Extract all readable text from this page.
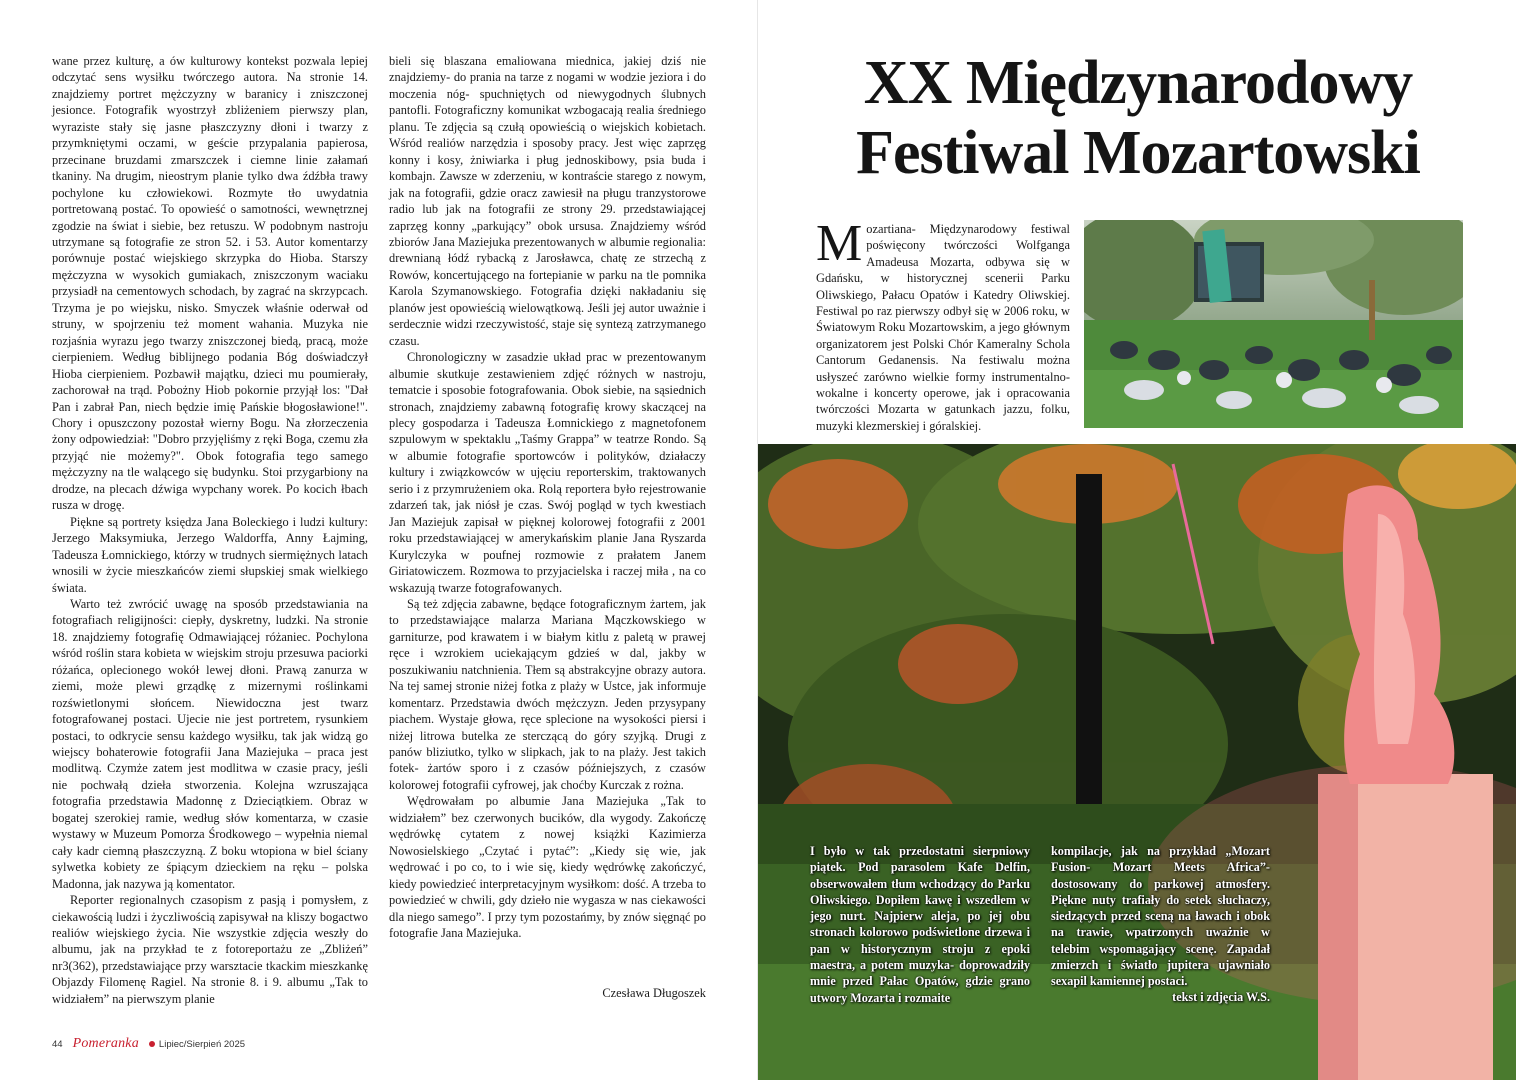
wane przez kulturę, a ów kulturowy kontekst pozwala lepiej odczytać sens wysiłku twórczego autora. Na stronie 14. znajdziemy portret mężczyzny w baranicy i zniszczonej jesionce. Fotografik wyostrzył zbliżeniem pierwszy plan, wyraziste stały się jasne płaszczyzny dłoni i twarzy z przymkniętymi oczami, w geście przypalania papierosa, przecinane bruzdami zmarszczek i ciemne linie załamań tkaniny. Na drugim, nieostrym planie tylko dwa źdźbła trawy pochylone ku człowiekowi. Rozmyte tło uwydatnia portretowaną postać. To opowieść o samotności, wewnętrznej zgodzie na świat i siebie, bez retuszu. W podobnym nastroju utrzymane są fotografie ze stron 52. i 53. Autor komentarzy porównuje postać wiejskiego skrzypka do Hioba. Starszy mężczyzna w wysokich gumiakach, zniszczonym waciaku przysiadł na cementowych schodach, by zagrać na skrzypcach. Trzyma je po wiejsku, nisko. Smyczek właśnie oderwał od struny, w spojrzeniu też moment wahania. Muzyka nie rozjaśnia wyrazu jego twarzy zniszczonej biedą, pracą, może cierpieniem. Według biblijnego podania Bóg doświadczył Hioba cierpieniem. Pozbawił majątku, dzieci mu poumierały, zachorował na trąd. Pobożny Hiob pokornie przyjął los: "Dał Pan i zabrał Pan, niech będzie imię Pańskie błogosławione!". Chory i opuszczony pozostał wierny Bogu. Na złorzeczenia żony odpowiedział: "Dobro przyjęliśmy z ręki Boga, czemu zła przyjąć nie możemy?". Obok fotografia tego samego mężczyzny na tle walącego się budynku. Stoi przygarbiony na drodze, na plecach dźwiga wypchany worek. Po kocich łbach rusza w drogę.

Piękne są portrety księdza Jana Boleckiego i ludzi kultury: Jerzego Maksymiuka, Jerzego Waldorffa, Anny Łajming, Tadeusza Łomnickiego, którzy w trudnych siermiężnych latach wnosili w życie mieszkańców ziemi słupskiej smak wielkiego świata.

Warto też zwrócić uwagę na sposób przedstawiania na fotografiach religijności: ciepły, dyskretny, ludzki. Na stronie 18. znajdziemy fotografię Odmawiającej różaniec. Pochylona wśród roślin stara kobieta w wiejskim stroju przesuwa paciorki różańca, oplecionego wokół lewej dłoni. Prawą zanurza w ziemi, może plewi grządkę z mizernymi roślinkami rozświetlonymi słońcem. Niewidoczna jest twarz fotografowanej postaci. Ujecie nie jest portretem, rysunkiem postaci, to odkrycie sensu każdego wysiłku, tak jak widzą go wiejscy bohaterowie fotografii Jana Maziejuka – praca jest modlitwą. Czymże zatem jest modlitwa w czasie pracy, jeśli nie pochwałą dzieła stworzenia. Kolejna wzruszająca fotografia przedstawia Madonnę z Dzieciątkiem. Obraz w bogatej szerokiej ramie, według słów komentarza, w czasie wystawy w Muzeum Pomorza Środkowego – wypełnia niemal cały kadr ciemną płaszczyzną. Z boku wtopiona w biel ściany sylwetka kobiety ze śpiącym dzieckiem na ręku – polska Madonna, jak nazywa ją komentator.

Reporter regionalnych czasopism z pasją i pomysłem, z ciekawością ludzi i życzliwością zapisywał na kliszy bogactwo realiów wiejskiego życia. Nie wszystkie zdjęcia weszły do albumu, jak na przykład te z fotoreportażu ze „Zbliżeń” nr3(362), przedstawiające przy warsztacie tkackim mieszkankę Objazdy Filomenę Ragiel. Na stronie 8. i 9. albumu „Tak to widziałem” na pierwszym planie

bieli się blaszana emaliowana miednica, jakiej dziś nie znajdziemy- do prania na tarze z nogami w wodzie jeziora i do moczenia nóg- spuchniętych od niewygodnych ślubnych pantofli. Fotograficzny komunikat wzbogacają realia średniego planu. Te zdjęcia są czułą opowieścią o wiejskich kobietach. Wśród realiów narzędzia i sposoby pracy. Jest więc zaprzęg konny i kosy, żniwiarka i pług jednoskibowy, psia buda i kombajn. Zawsze w zderzeniu, w kontraście starego z nowym, jak na fotografii, gdzie oracz zawiesił na pługu tranzystorowe radio lub jak na fotografii ze strony 29. przedstawiającej zaprzęg konny „parkujący” obok ursusa. Znajdziemy wśród zbiorów Jana Maziejuka prezentowanych w albumie regionalia: drewnianą łódź rybacką z Jarosławca, chatę ze strzechą z Rowów, koncertującego na fortepianie w parku na tle pomnika Karola Szymanowskiego. Fotografia dzięki nakładaniu się planów jest opowieścią wielowątkową. Jeśli jej autor uważnie i serdecznie widzi rzeczywistość, staje się syntezą zatrzymanego czasu.

Chronologiczny w zasadzie układ prac w prezentowanym albumie skutkuje zestawieniem zdjęć różnych w nastroju, tematcie i sposobie fotografowania. Obok siebie, na sąsiednich stronach, znajdziemy zabawną fotografię krowy skaczącej na plecy gospodarza i Tadeusza Łomnickiego z magnetofonem szpulowym w spektaklu „Taśmy Grappa” w teatrze Rondo. Są w albumie fotografie sportowców i polityków, działaczy kultury i związkowców w ujęciu reporterskim, traktowanych serio i z przymrużeniem oka. Rolą reportera było rejestrowanie zdarzeń tak, jak niósł je czas. Swój pogląd w tych kwestiach Jan Maziejuk zapisał w pięknej kolorowej fotografii z 2001 roku przedstawiającej w amerykańskim planie Jana Ryszarda Kurylczyka w poufnej rozmowie z prałatem Janem Giriatowiczem. Rozmowa to przyjacielska i raczej miła , na co wskazują twarze fotografowanych.

Są też zdjęcia zabawne, będące fotograficznym żartem, jak to przedstawiające malarza Mariana Mączkowskiego w garniturze, pod krawatem i w białym kitlu z paletą w prawej ręce i wzrokiem uciekającym gdzieś w dal, jakby w poszukiwaniu natchnienia. Tłem są abstrakcyjne obrazy autora. Na tej samej stronie niżej fotka z plaży w Ustce, jak informuje komentarz. Przedstawia dwóch mężczyzn. Jeden przysypany piachem. Wystaje głowa, ręce splecione na wysokości piersi i niżej litrowa butelka ze sterczącą do góry szyjką. Drugi z panów bliziutko, tylko w slipkach, jak to na plaży. Jest takich fotek- żartów sporo i z czasów późniejszych, z czasów kolorowej fotografii cyfrowej, jak choćby Kurczak z rożna.

Wędrowałam po albumie Jana Maziejuka „Tak to widziałem” bez czerwonych bucików, dla wygody. Zakończę wędrówkę cytatem z nowej książki Kazimierza Nowosielskiego „Czytać i pytać”: „Kiedy się wie, jak wędrować i po co, to i wie się, kiedy wędrówkę zakończyć, kiedy powiedzieć interpretacyjnym wysiłkom: dość. A trzeba to powiedzieć w chwili, gdy dzieło nie wygasza w nas ciekawości dla niego samego”. I przy tym pozostańmy, by znów sięgnąć po fotografie Jana Maziejuka.

Czesława Długoszek
44 Pomeranka Lipiec/Sierpień 2025
XX Międzynarodowy
Festiwal Mozartowski
Mozartiana- Międzynarodowy festiwal poświęcony twórczości Wolfganga Amadeusa Mozarta, odbywa się w Gdańsku, w historycznej scenerii Parku Oliwskiego, Pałacu Opatów i Katedry Oliwskiej. Festiwal po raz pierwszy odbył się w 2006 roku, w Światowym Roku Mozartowskim, a jego głównym organizatorem jest Polski Chór Kameralny Schola Cantorum Gedanensis. Na festiwalu można usłyszeć zarówno wielkie formy instrumentalno- wokalne i koncerty operowe, jak i opracowania twórczości Mozarta w gatunkach jazzu, folku, muzyki klezmerskiej i góralskiej.
I było w tak przedostatni sierpniowy piątek. Pod parasolem Kafe Delfin, obserwowałem tłum wchodzący do Parku Oliwskiego. Dopiłem kawę i wszedłem w jego nurt. Najpierw aleja, po jej obu stronach kolorowo podświetlone drzewa i pan w historycznym stroju z epoki maestra, a potem muzyka- doprowadziły mnie przed Pałac Opatów, gdzie grano utwory Mozarta i rozmaite
kompilacje, jak na przykład „Mozart Fusion- Mozart Meets Africa”- dostosowany do parkowej atmosfery. Piękne nuty trafiały do setek słuchaczy, siedzących przed sceną na ławach i obok na trawie, wpatrzonych uważnie w telebim wspomagający scenę. Zapadał zmierzch i światło jupitera ujawniało sexapil kamiennej postaci.
tekst i zdjęcia W.S.
